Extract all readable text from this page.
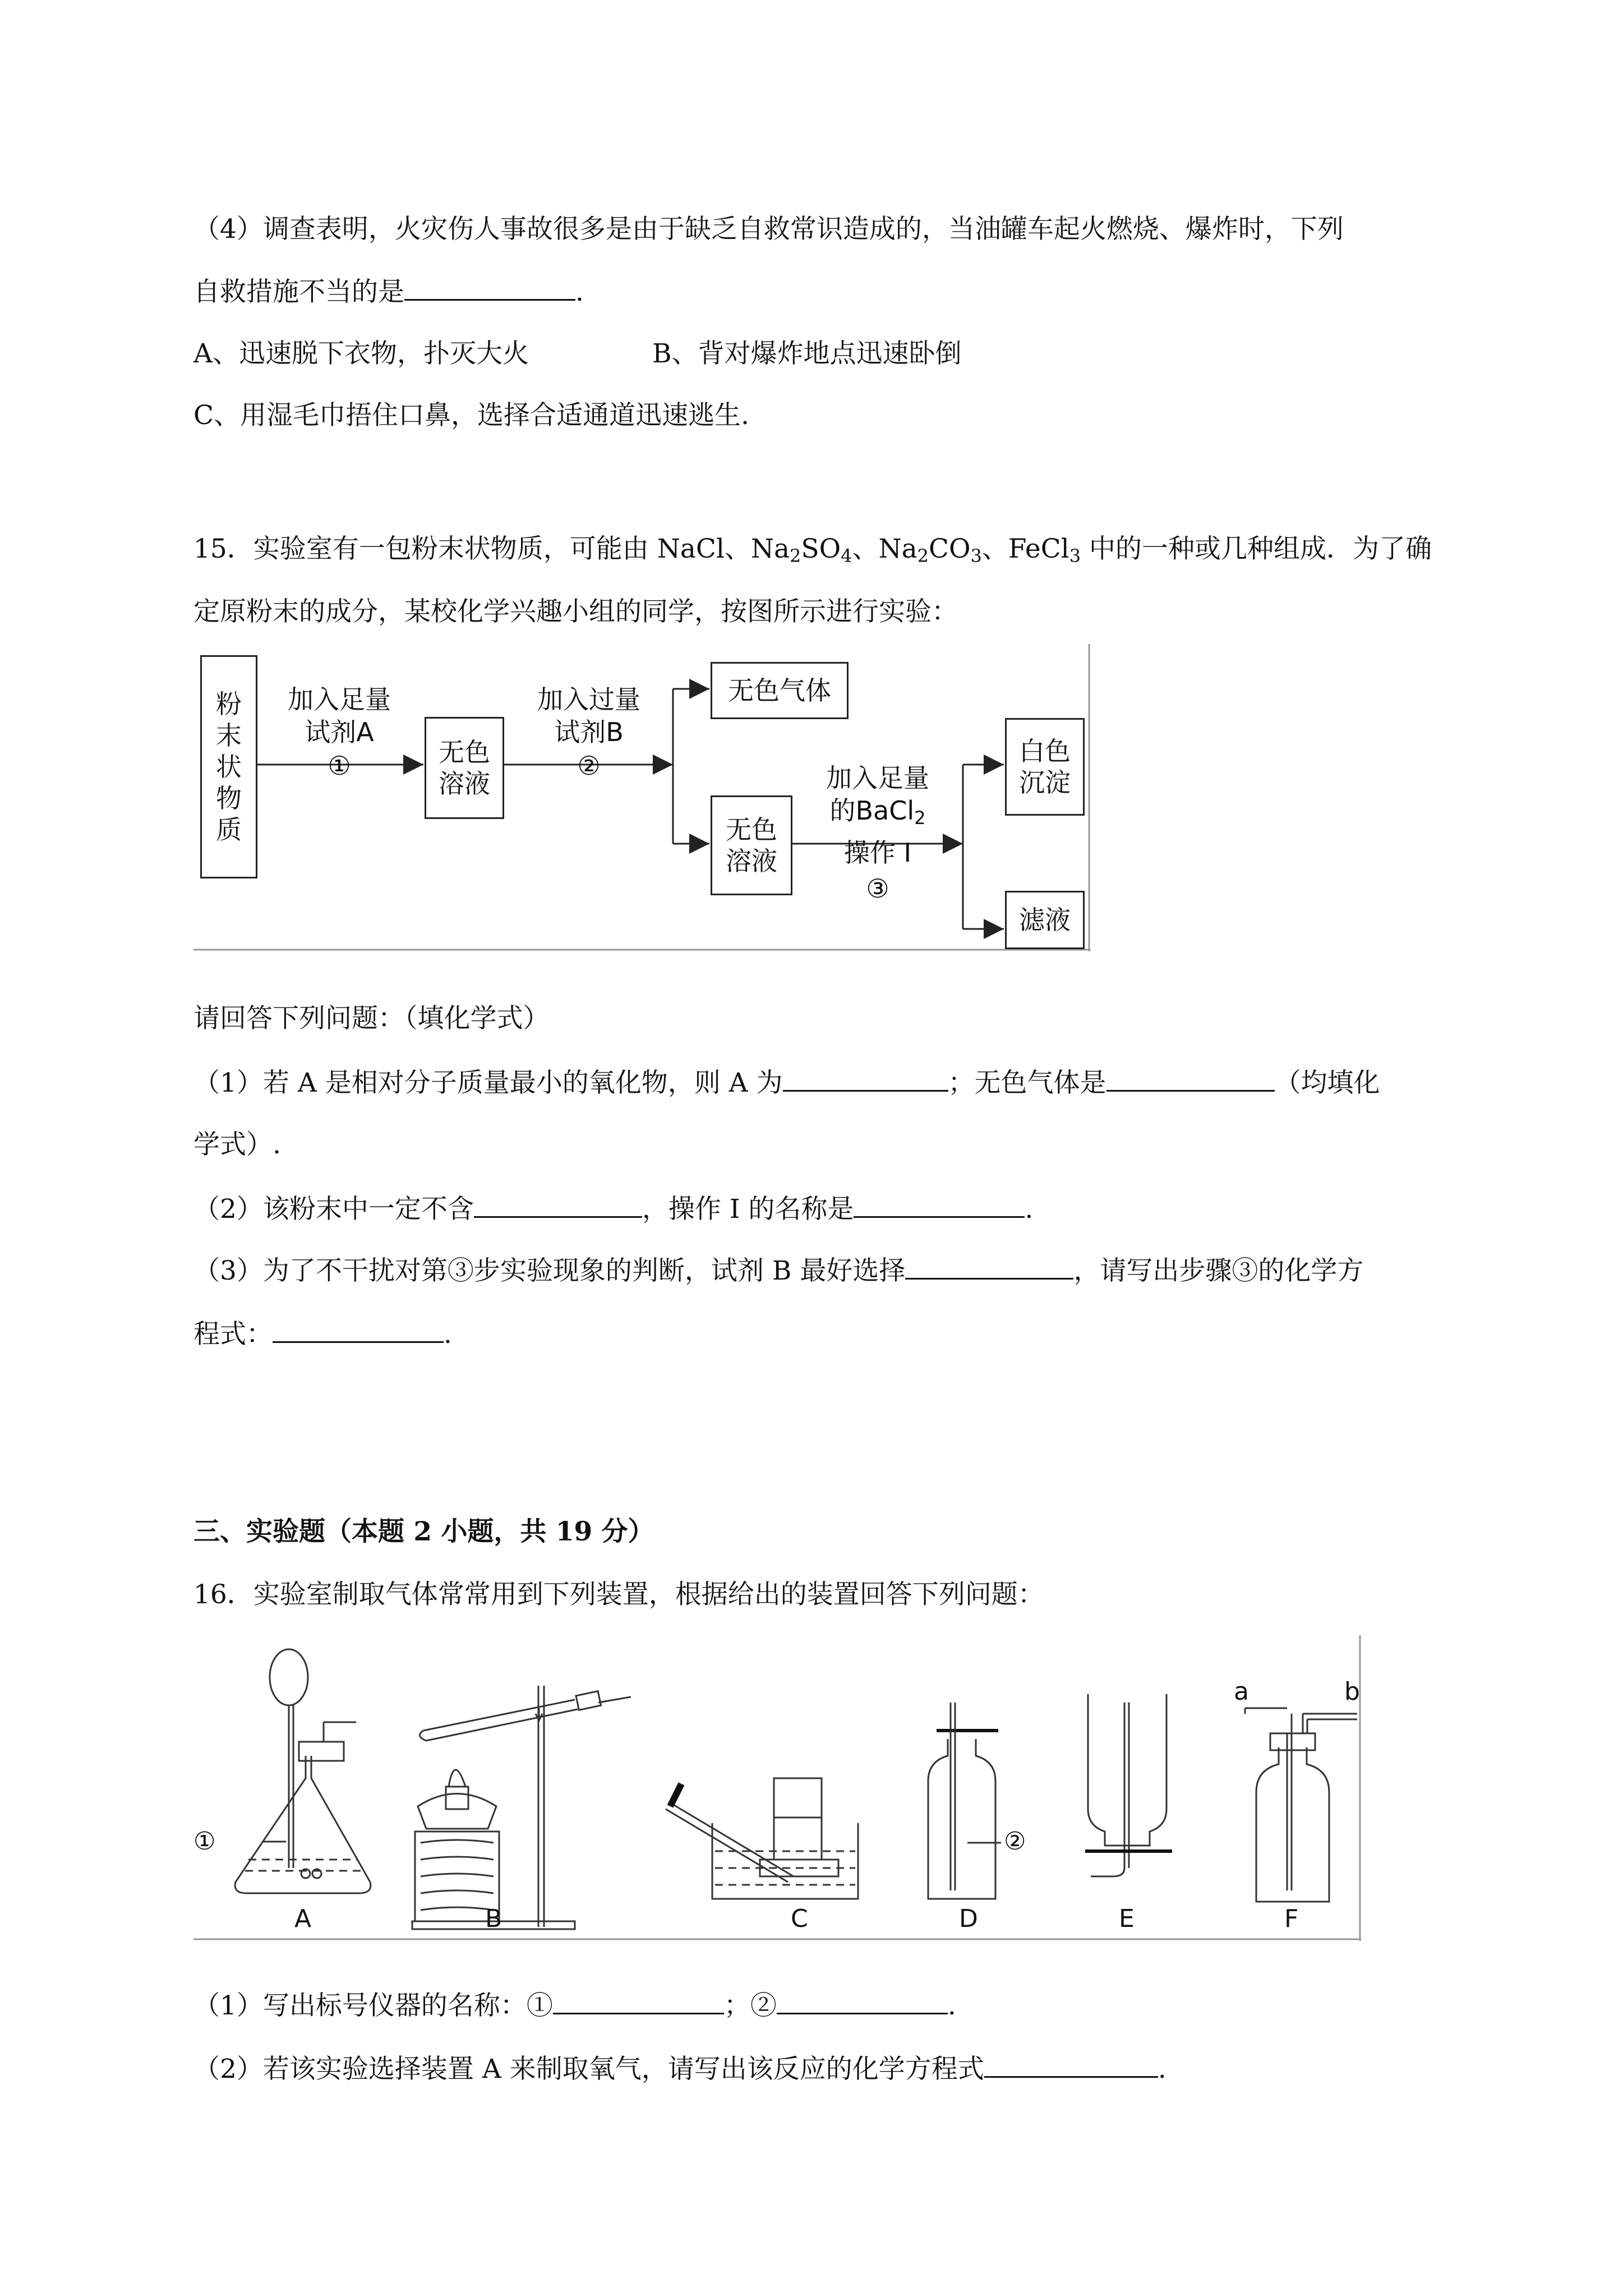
（4）调查表明，火灾伤人事故很多是由于缺乏自救常识造成的，当油罐车起火燃烧、爆炸时，下列
自救措施不当的是	.
A、迅速脱下衣物，扑灭大火	B、背对爆炸地点迅速卧倒
C、用湿毛巾捂住口鼻，选择合适通道迅速逃生.
15．实验室有一包粉末状物质，可能由 NaCl、$Na_2SO_4$、$Na_2CO_3$、FeCl$_3$ 中的一种或几种组成．为了确
定原粉末的成分，某校化学兴趣小组的同学，按图所示进行实验：
粉
末
状
物
质
加入足量
试剂A
①	无色
溶液
加入过量
试剂B
②
无色气体
无色
溶液
加入足量
的BaCl$_2$
操作 I
③
白色
沉淀
滤液
请回答下列问题：（填化学式）
（1）若 A 是相对分子质量最小的氧化物，则 A 为	；无色气体是	（均填化
学式）.
（2）该粉末中一定不含	，操作 I 的名称是	.
（3）为了不干扰对第③步实验现象的判断，试剂 B 最好选择	，请写出步骤③的化学方
程式：	.
三、实验题（本题 2 小题，共 19 分）
16．实验室制取气体常常用到下列装置，根据给出的装置回答下列问题：
A	B	C	D	E	F
①	②
a	b
（1）写出标号仪器的名称：①	；②	.
（2）若该实验选择装置 A 来制取氧气，请写出该反应的化学方程式	.
